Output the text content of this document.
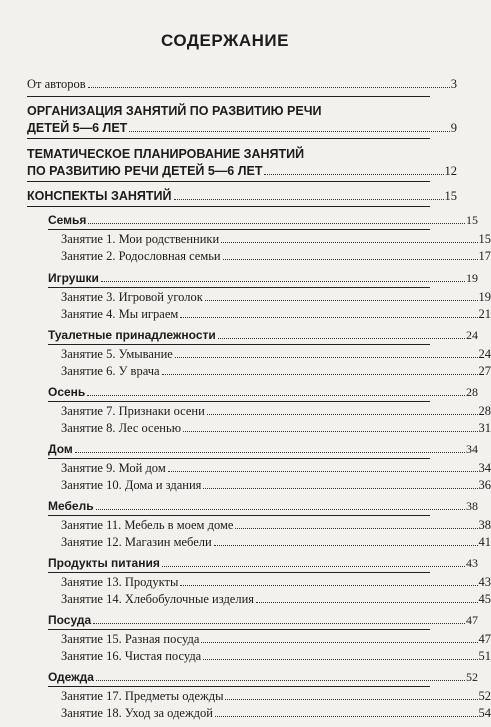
СОДЕРЖАНИЕ
От авторов	3
ОРГАНИЗАЦИЯ ЗАНЯТИЙ ПО РАЗВИТИЮ РЕЧИ
ДЕТЕЙ 5—6 ЛЕТ	9
ТЕМАТИЧЕСКОЕ ПЛАНИРОВАНИЕ ЗАНЯТИЙ
ПО РАЗВИТИЮ РЕЧИ ДЕТЕЙ 5—6 ЛЕТ	12
КОНСПЕКТЫ ЗАНЯТИЙ	15
Семья	15
Занятие 1. Мои родственники	15
Занятие 2. Родословная семьи	17
Игрушки	19
Занятие 3. Игровой уголок	19
Занятие 4. Мы играем	21
Туалетные принадлежности	24
Занятие 5. Умывание	24
Занятие 6. У врача	27
Осень	28
Занятие 7. Признаки осени	28
Занятие 8. Лес осенью	31
Дом	34
Занятие 9. Мой дом	34
Занятие 10. Дома и здания	36
Мебель	38
Занятие 11. Мебель в моем доме	38
Занятие 12. Магазин мебели	41
Продукты питания	43
Занятие 13. Продукты	43
Занятие 14. Хлебобулочные изделия	45
Посуда	47
Занятие 15. Разная посуда	47
Занятие 16. Чистая посуда	51
Одежда	52
Занятие 17. Предметы одежды	52
Занятие 18. Уход за одеждой	54
